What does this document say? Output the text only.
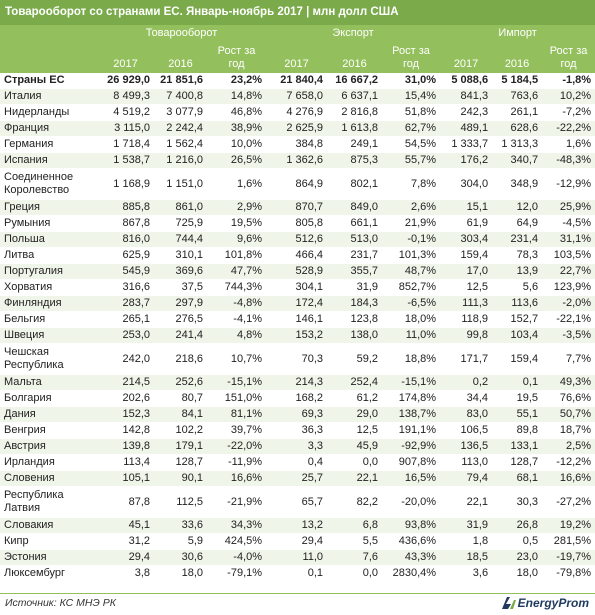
Товарооборот со странами ЕС. Январь-ноябрь 2017 | млн долл США
	Товарооборот			Экспорт			Импорт		
	2017	2016	Рост за год	2017	2016	Рост за год	2017	2016	Рост за год
Страны ЕС	26 929,0	21 851,6	23,2%	21 840,4	16 667,2	31,0%	5 088,6	5 184,5	-1,8%
Италия	8 499,3	7 400,8	14,8%	7 658,0	6 637,1	15,4%	841,3	763,6	10,2%
Нидерланды	4 519,2	3 077,9	46,8%	4 276,9	2 816,8	51,8%	242,3	261,1	-7,2%
Франция	3 115,0	2 242,4	38,9%	2 625,9	1 613,8	62,7%	489,1	628,6	-22,2%
Германия	1 718,4	1 562,4	10,0%	384,8	249,1	54,5%	1 333,7	1 313,3	1,6%
Испания	1 538,7	1 216,0	26,5%	1 362,6	875,3	55,7%	176,2	340,7	-48,3%
Соединенное Королевство	1 168,9	1 151,0	1,6%	864,9	802,1	7,8%	304,0	348,9	-12,9%
Греция	885,8	861,0	2,9%	870,7	849,0	2,6%	15,1	12,0	25,9%
Румыния	867,8	725,9	19,5%	805,8	661,1	21,9%	61,9	64,9	-4,5%
Польша	816,0	744,4	9,6%	512,6	513,0	-0,1%	303,4	231,4	31,1%
Литва	625,9	310,1	101,8%	466,4	231,7	101,3%	159,4	78,3	103,5%
Португалия	545,9	369,6	47,7%	528,9	355,7	48,7%	17,0	13,9	22,7%
Хорватия	316,6	37,5	744,3%	304,1	31,9	852,7%	12,5	5,6	123,9%
Финляндия	283,7	297,9	-4,8%	172,4	184,3	-6,5%	111,3	113,6	-2,0%
Бельгия	265,1	276,5	-4,1%	146,1	123,8	18,0%	118,9	152,7	-22,1%
Швеция	253,0	241,4	4,8%	153,2	138,0	11,0%	99,8	103,4	-3,5%
Чешская Республика	242,0	218,6	10,7%	70,3	59,2	18,8%	171,7	159,4	7,7%
Мальта	214,5	252,6	-15,1%	214,3	252,4	-15,1%	0,2	0,1	49,3%
Болгария	202,6	80,7	151,0%	168,2	61,2	174,8%	34,4	19,5	76,6%
Дания	152,3	84,1	81,1%	69,3	29,0	138,7%	83,0	55,1	50,7%
Венгрия	142,8	102,2	39,7%	36,3	12,5	191,1%	106,5	89,8	18,7%
Австрия	139,8	179,1	-22,0%	3,3	45,9	-92,9%	136,5	133,1	2,5%
Ирландия	113,4	128,7	-11,9%	0,4	0,0	907,8%	113,0	128,7	-12,2%
Словения	105,1	90,1	16,6%	25,7	22,1	16,5%	79,4	68,1	16,6%
Республика Латвия	87,8	112,5	-21,9%	65,7	82,2	-20,0%	22,1	30,3	-27,2%
Словакия	45,1	33,6	34,3%	13,2	6,8	93,8%	31,9	26,8	19,2%
Кипр	31,2	5,9	424,5%	29,4	5,5	436,6%	1,8	0,5	281,5%
Эстония	29,4	30,6	-4,0%	11,0	7,6	43,3%	18,5	23,0	-19,7%
Люксембург	3,8	18,0	-79,1%	0,1	0,0	2830,4%	3,6	18,0	-79,8%
Источник: КС МНЭ РК	EnergyProm
